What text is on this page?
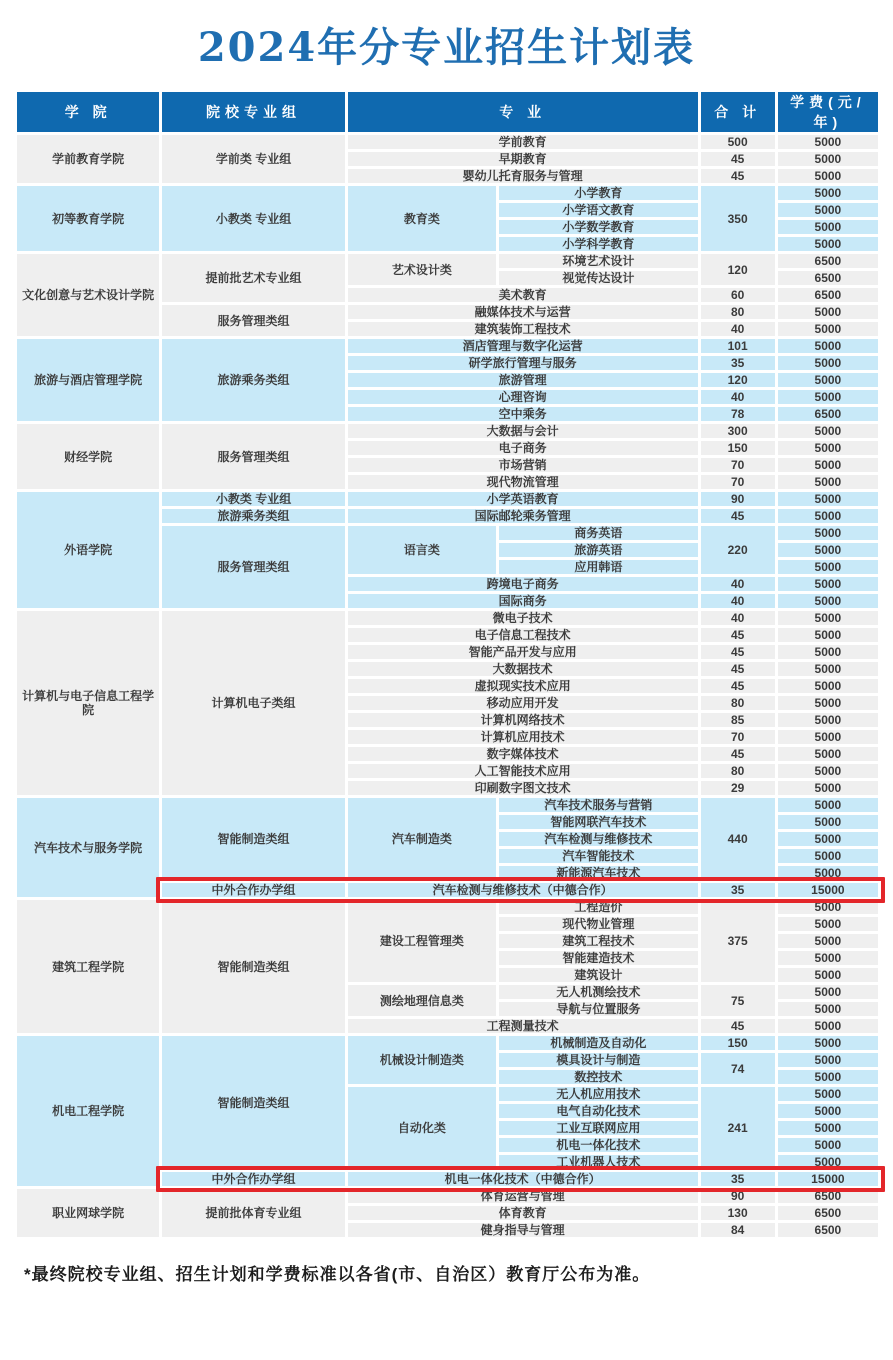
2024年分专业招生计划表
学 院	院校专业组	专 业		合 计	学费(元/年)
学前教育学院	学前类 专业组	学前教育		500	5000
		早期教育		45	5000
		婴幼儿托育服务与管理		45	5000
初等教育学院	小教类 专业组	教育类	小学教育	350	5000
			小学语文教育		5000
			小学数学教育		5000
			小学科学教育		5000
文化创意与艺术设计学院	提前批艺术专业组	艺术设计类	环境艺术设计	120	6500
			视觉传达设计		6500
		美术教育		60	6500
	服务管理类组	融媒体技术与运营		80	5000
		建筑装饰工程技术		40	5000
旅游与酒店管理学院	旅游乘务类组	酒店管理与数字化运营		101	5000
		研学旅行管理与服务		35	5000
		旅游管理		120	5000
		心理咨询		40	5000
		空中乘务		78	6500
财经学院	服务管理类组	大数据与会计		300	5000
		电子商务		150	5000
		市场营销		70	5000
		现代物流管理		70	5000
外语学院	小教类 专业组	小学英语教育		90	5000
	旅游乘务类组	国际邮轮乘务管理		45	5000
	服务管理类组	语言类	商务英语	220	5000
			旅游英语		5000
			应用韩语		5000
		跨境电子商务		40	5000
		国际商务		40	5000
计算机与电子信息工程学院	计算机电子类组	微电子技术		40	5000
		电子信息工程技术		45	5000
		智能产品开发与应用		45	5000
		大数据技术		45	5000
		虚拟现实技术应用		45	5000
		移动应用开发		80	5000
		计算机网络技术		85	5000
		计算机应用技术		70	5000
		数字媒体技术		45	5000
		人工智能技术应用		80	5000
		印刷数字图文技术		29	5000
汽车技术与服务学院	智能制造类组	汽车制造类	汽车技术服务与营销	440	5000
			智能网联汽车技术		5000
			汽车检测与维修技术		5000
			汽车智能技术		5000
			新能源汽车技术		5000
	中外合作办学组	汽车检测与维修技术（中德合作）		35	15000
建筑工程学院	智能制造类组	建设工程管理类	工程造价	375	5000
			现代物业管理		5000
			建筑工程技术		5000
			智能建造技术		5000
			建筑设计		5000
		测绘地理信息类	无人机测绘技术	75	5000
			导航与位置服务		5000
		工程测量技术		45	5000
机电工程学院	智能制造类组	机械设计制造类	机械制造及自动化	150	5000
			模具设计与制造	74	5000
			数控技术		5000
		自动化类	无人机应用技术	241	5000
			电气自动化技术		5000
			工业互联网应用		5000
			机电一体化技术		5000
			工业机器人技术		5000
	中外合作办学组	机电一体化技术（中德合作）		35	15000
职业网球学院	提前批体育专业组	体育运营与管理		90	6500
		体育教育		130	6500
		健身指导与管理		84	6500

*最终院校专业组、招生计划和学费标准以各省(市、自治区）教育厅公布为准。
